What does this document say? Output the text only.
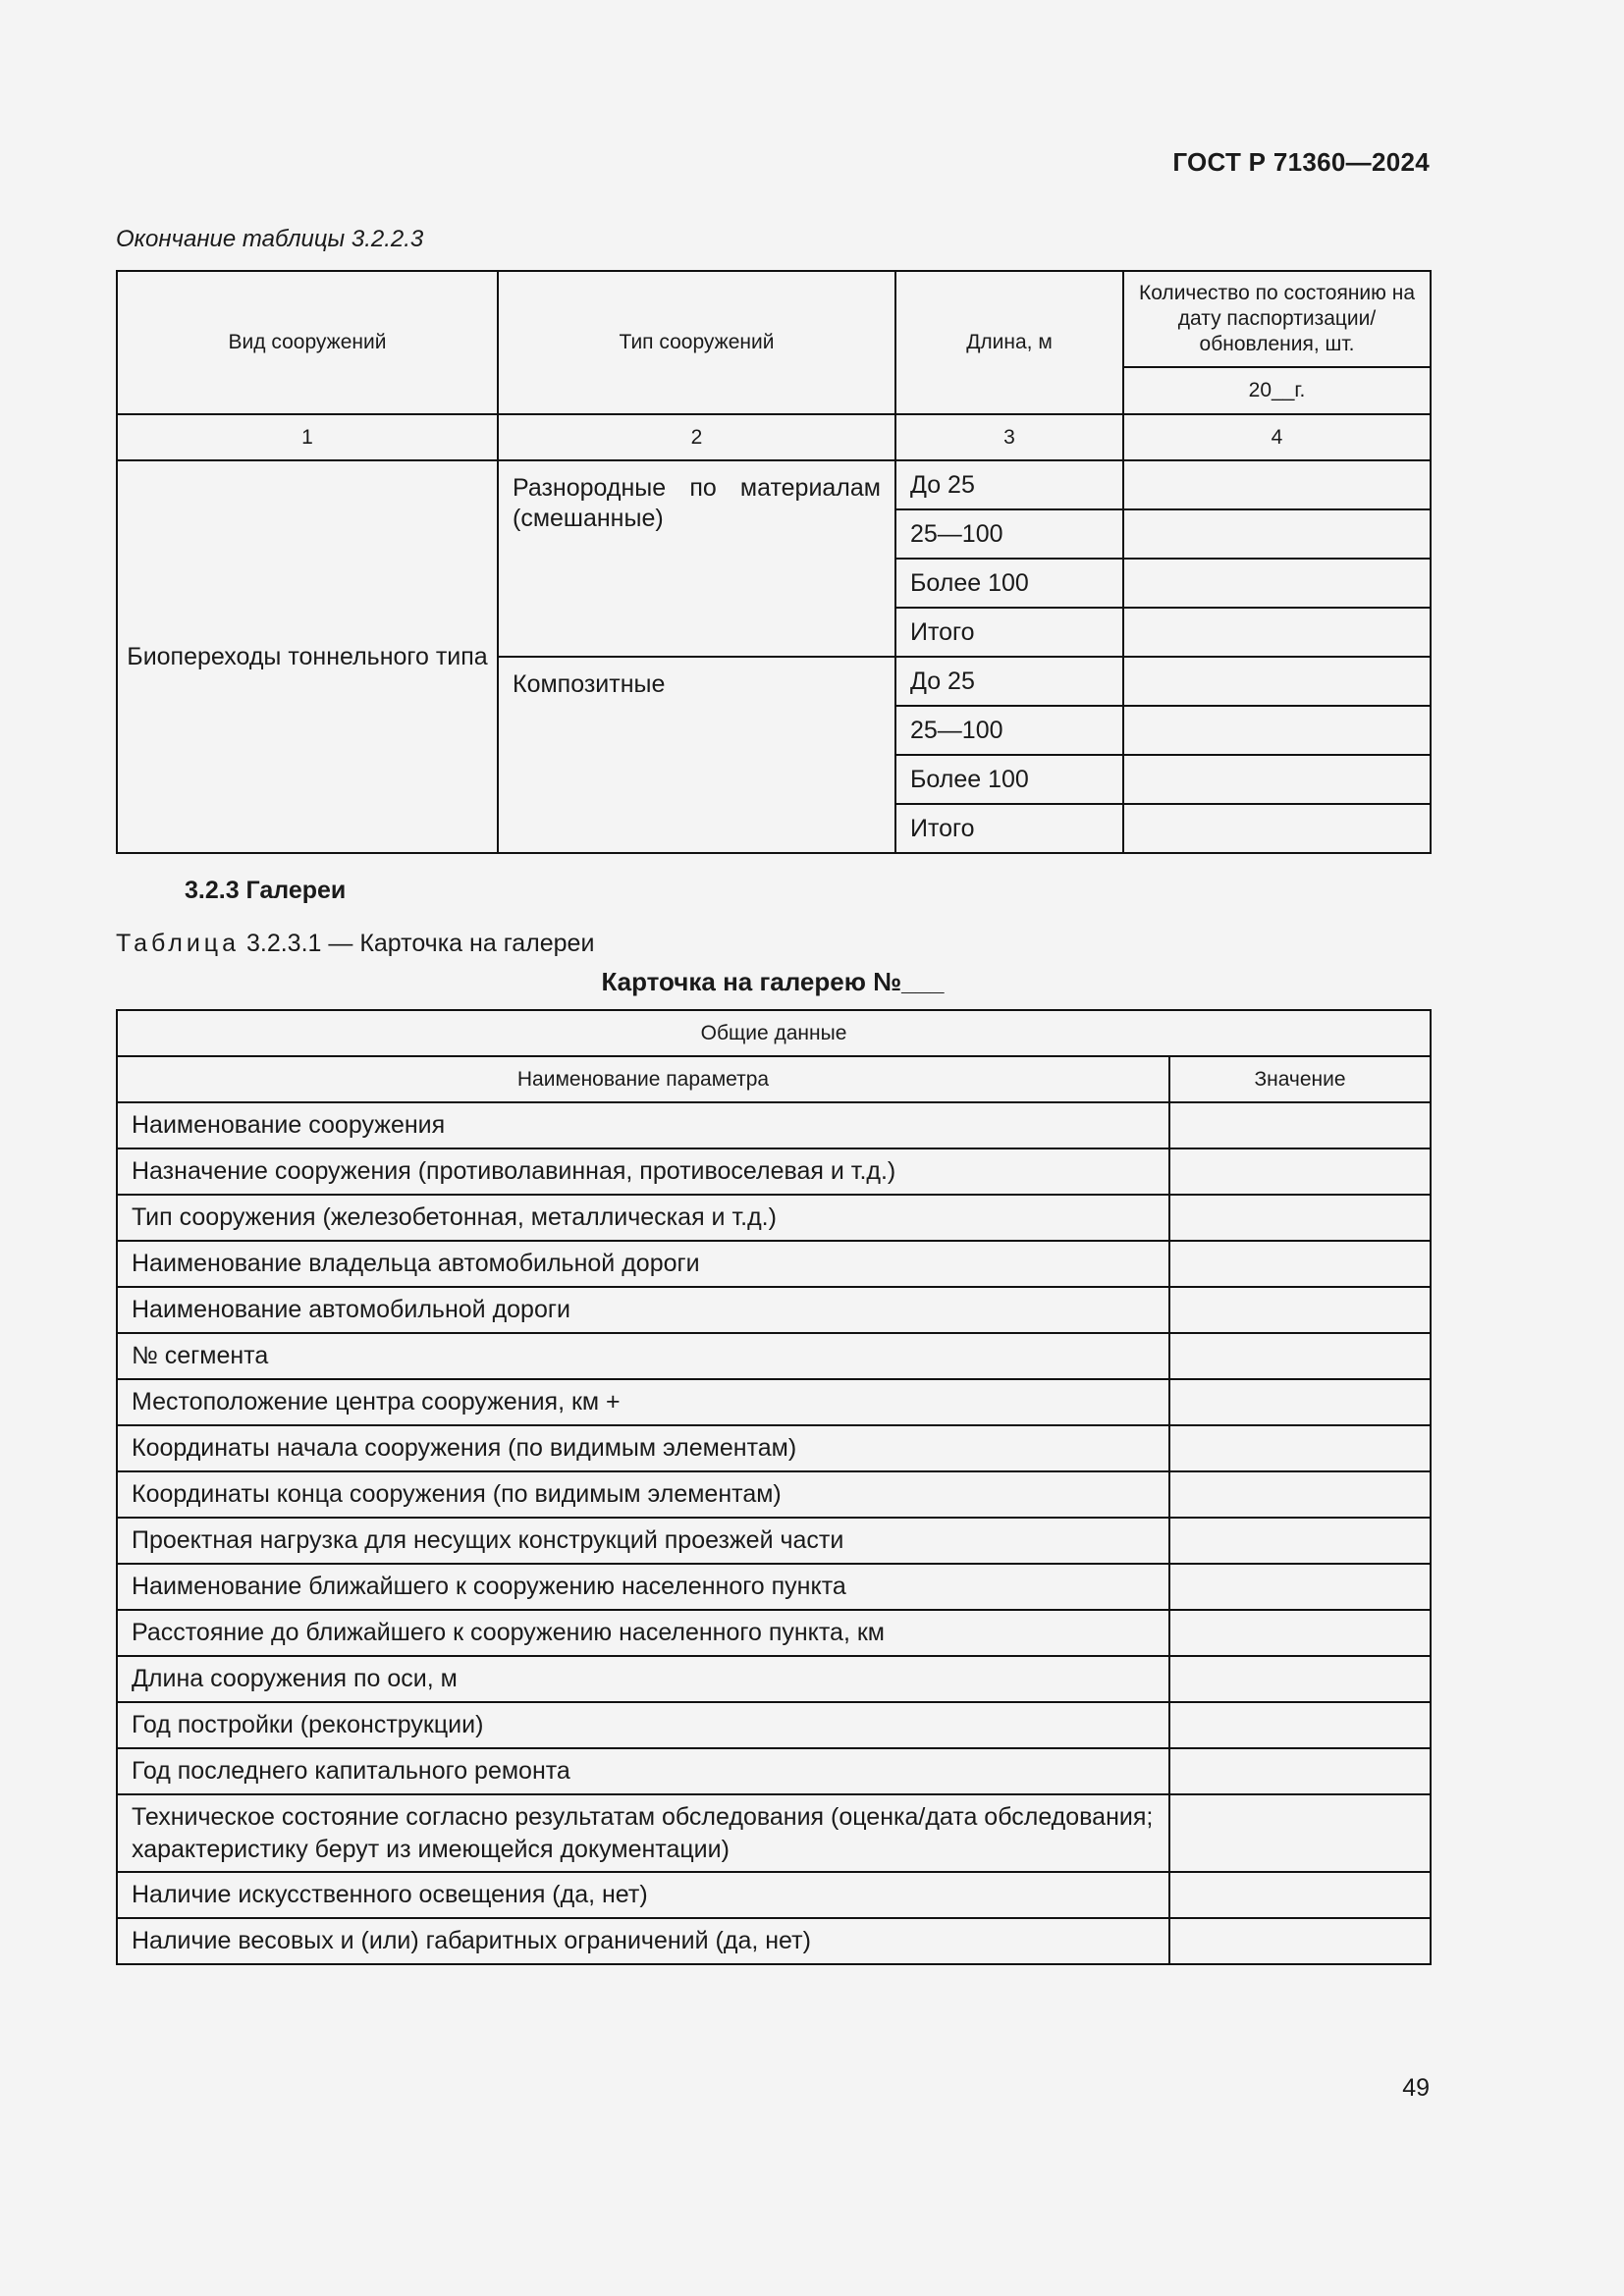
ГОСТ Р 71360—2024
Окончание таблицы 3.2.2.3
Вид сооружений	Тип сооружений	Длина, м	Количество по состоянию на дату паспортизации/ обновления, шт.
			20__г.
1	2	3	4
Биопереходы тоннельного типа	Разнородные по материалам (смешанные)	До 25	
		25—100	
		Более 100	
		Итого	
	Композитные	До 25	
		25—100	
		Более 100	
		Итого	
3.2.3 Галереи
Таблица 3.2.3.1 — Карточка на галереи
Карточка на галерею №___
Общие данные	
Наименование параметра	Значение
Наименование сооружения	
Назначение сооружения (противолавинная, противоселевая и т.д.)	
Тип сооружения (железобетонная, металлическая и т.д.)	
Наименование владельца автомобильной дороги	
Наименование автомобильной дороги	
№ сегмента	
Местоположение центра сооружения, км +	
Координаты начала сооружения (по видимым элементам)	
Координаты конца сооружения (по видимым элементам)	
Проектная нагрузка для несущих конструкций проезжей части	
Наименование ближайшего к сооружению населенного пункта	
Расстояние до ближайшего к сооружению населенного пункта, км	
Длина сооружения по оси, м	
Год постройки (реконструкции)	
Год последнего капитального ремонта	
Техническое состояние согласно результатам обследования (оценка/дата обследования; характеристику берут из имеющейся документации)	
Наличие искусственного освещения (да, нет)	
Наличие весовых и (или) габаритных ограничений (да, нет)	
49
